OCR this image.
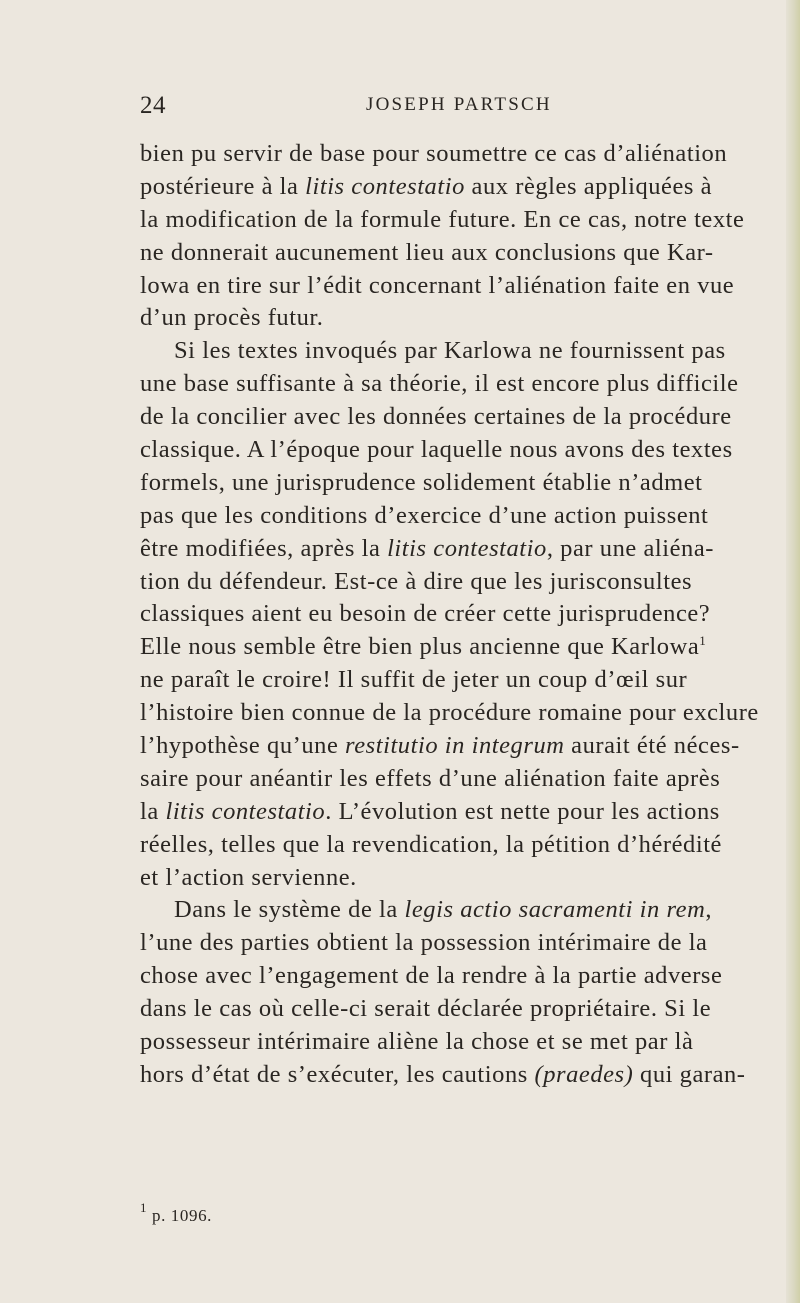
24	JOSEPH PARTSCH
bien pu servir de base pour soumettre ce cas d’aliénation
postérieure à la litis contestatio aux règles appliquées à
la modification de la formule future. En ce cas, notre texte
ne donnerait aucunement lieu aux conclusions que Kar-
lowa en tire sur l’édit concernant l’aliénation faite en vue
d’un procès futur.
Si les textes invoqués par Karlowa ne fournissent pas
une base suffisante à sa théorie, il est encore plus difficile
de la concilier avec les données certaines de la procédure
classique. A l’époque pour laquelle nous avons des textes
formels, une jurisprudence solidement établie n’admet
pas que les conditions d’exercice d’une action puissent
être modifiées, après la litis contestatio, par une aliéna-
tion du défendeur. Est-ce à dire que les jurisconsultes
classiques aient eu besoin de créer cette jurisprudence?
Elle nous semble être bien plus ancienne que Karlowa$^1$
ne paraît le croire! Il suffit de jeter un coup d’œil sur
l’histoire bien connue de la procédure romaine pour exclure
l’hypothèse qu’une restitutio in integrum aurait été néces-
saire pour anéantir les effets d’une aliénation faite après
la litis contestatio. L’évolution est nette pour les actions
réelles, telles que la revendication, la pétition d’hérédité
et l’action servienne.
Dans le système de la legis actio sacramenti in rem,
l’une des parties obtient la possession intérimaire de la
chose avec l’engagement de la rendre à la partie adverse
dans le cas où celle-ci serait déclarée propriétaire. Si le
possesseur intérimaire aliène la chose et se met par là
hors d’état de s’exécuter, les cautions (praedes) qui garan-
$^1$ p. 1096.
